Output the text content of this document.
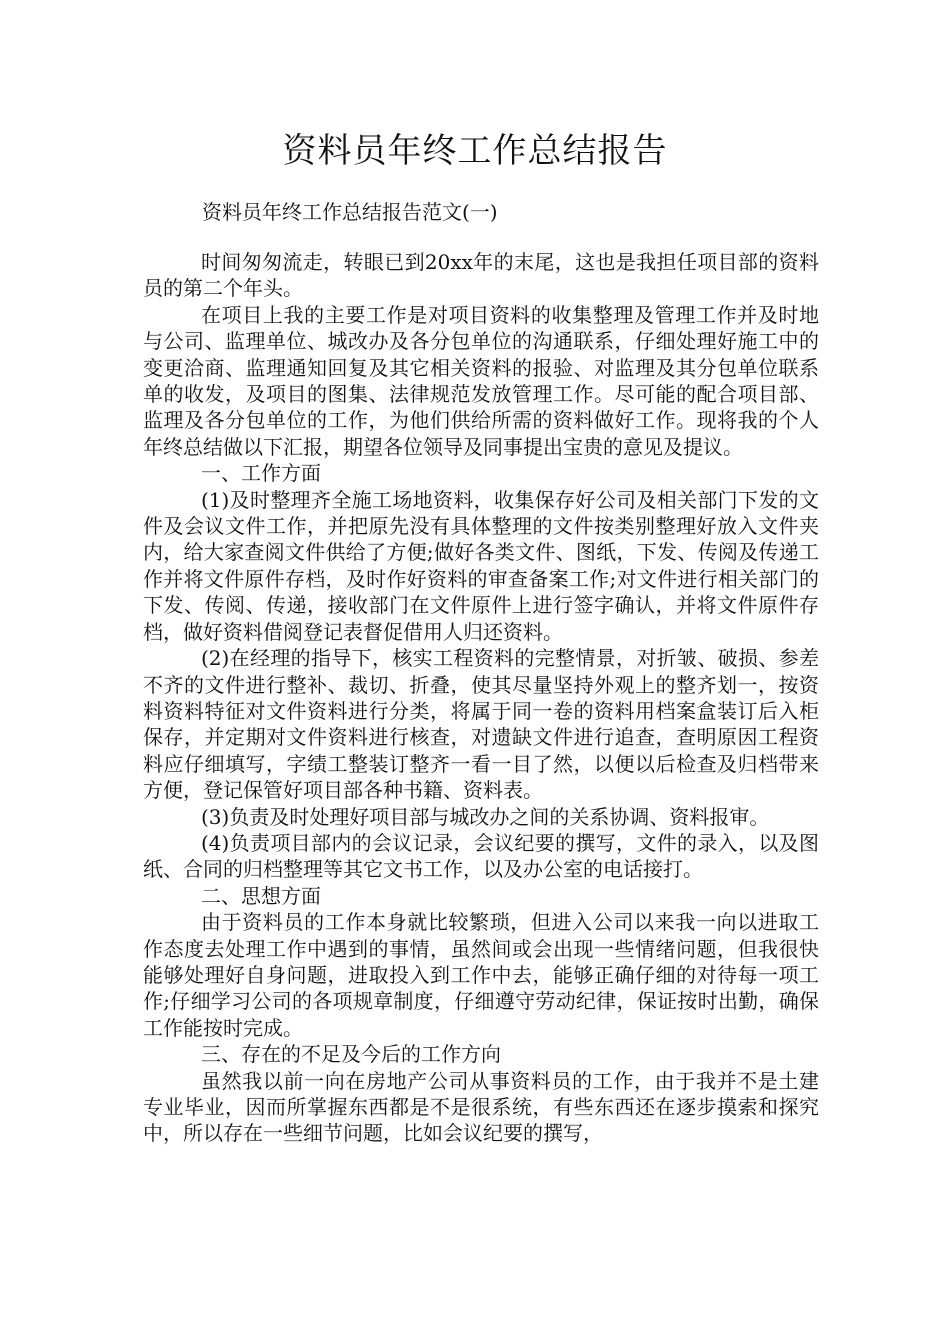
资料员年终工作总结报告
资料员年终工作总结报告范文(一)

时间匆匆流走，转眼已到20xx年的末尾，这也是我担任项目部的资料员的第二个年头。

在项目上我的主要工作是对项目资料的收集整理及管理工作并及时地与公司、监理单位、城改办及各分包单位的沟通联系，仔细处理好施工中的变更洽商、监理通知回复及其它相关资料的报验、对监理及其分包单位联系单的收发，及项目的图集、法律规范发放管理工作。尽可能的配合项目部、监理及各分包单位的工作，为他们供给所需的资料做好工作。现将我的个人年终总结做以下汇报，期望各位领导及同事提出宝贵的意见及提议。

一、工作方面

(1)及时整理齐全施工场地资料，收集保存好公司及相关部门下发的文件及会议文件工作，并把原先没有具体整理的文件按类别整理好放入文件夹内，给大家查阅文件供给了方便;做好各类文件、图纸，下发、传阅及传递工作并将文件原件存档，及时作好资料的审查备案工作;对文件进行相关部门的下发、传阅、传递，接收部门在文件原件上进行签字确认，并将文件原件存档，做好资料借阅登记表督促借用人归还资料。

(2)在经理的指导下，核实工程资料的完整情景，对折皱、破损、参差不齐的文件进行整补、裁切、折叠，使其尽量坚持外观上的整齐划一，按资料资料特征对文件资料进行分类，将属于同一卷的资料用档案盒装订后入柜保存，并定期对文件资料进行核查，对遗缺文件进行追查，查明原因工程资料应仔细填写，字绩工整装订整齐一看一目了然，以便以后检查及归档带来方便，登记保管好项目部各种书籍、资料表。

(3)负责及时处理好项目部与城改办之间的关系协调、资料报审。

(4)负责项目部内的会议记录，会议纪要的撰写，文件的录入，以及图纸、合同的归档整理等其它文书工作，以及办公室的电话接打。

二、思想方面

由于资料员的工作本身就比较繁琐，但进入公司以来我一向以进取工作态度去处理工作中遇到的事情，虽然间或会出现一些情绪问题，但我很快能够处理好自身问题，进取投入到工作中去，能够正确仔细的对待每一项工作;仔细学习公司的各项规章制度，仔细遵守劳动纪律，保证按时出勤，确保工作能按时完成。

三、存在的不足及今后的工作方向

虽然我以前一向在房地产公司从事资料员的工作，由于我并不是土建专业毕业，因而所掌握东西都是不是很系统，有些东西还在逐步摸索和探究中，所以存在一些细节问题，比如会议纪要的撰写，
